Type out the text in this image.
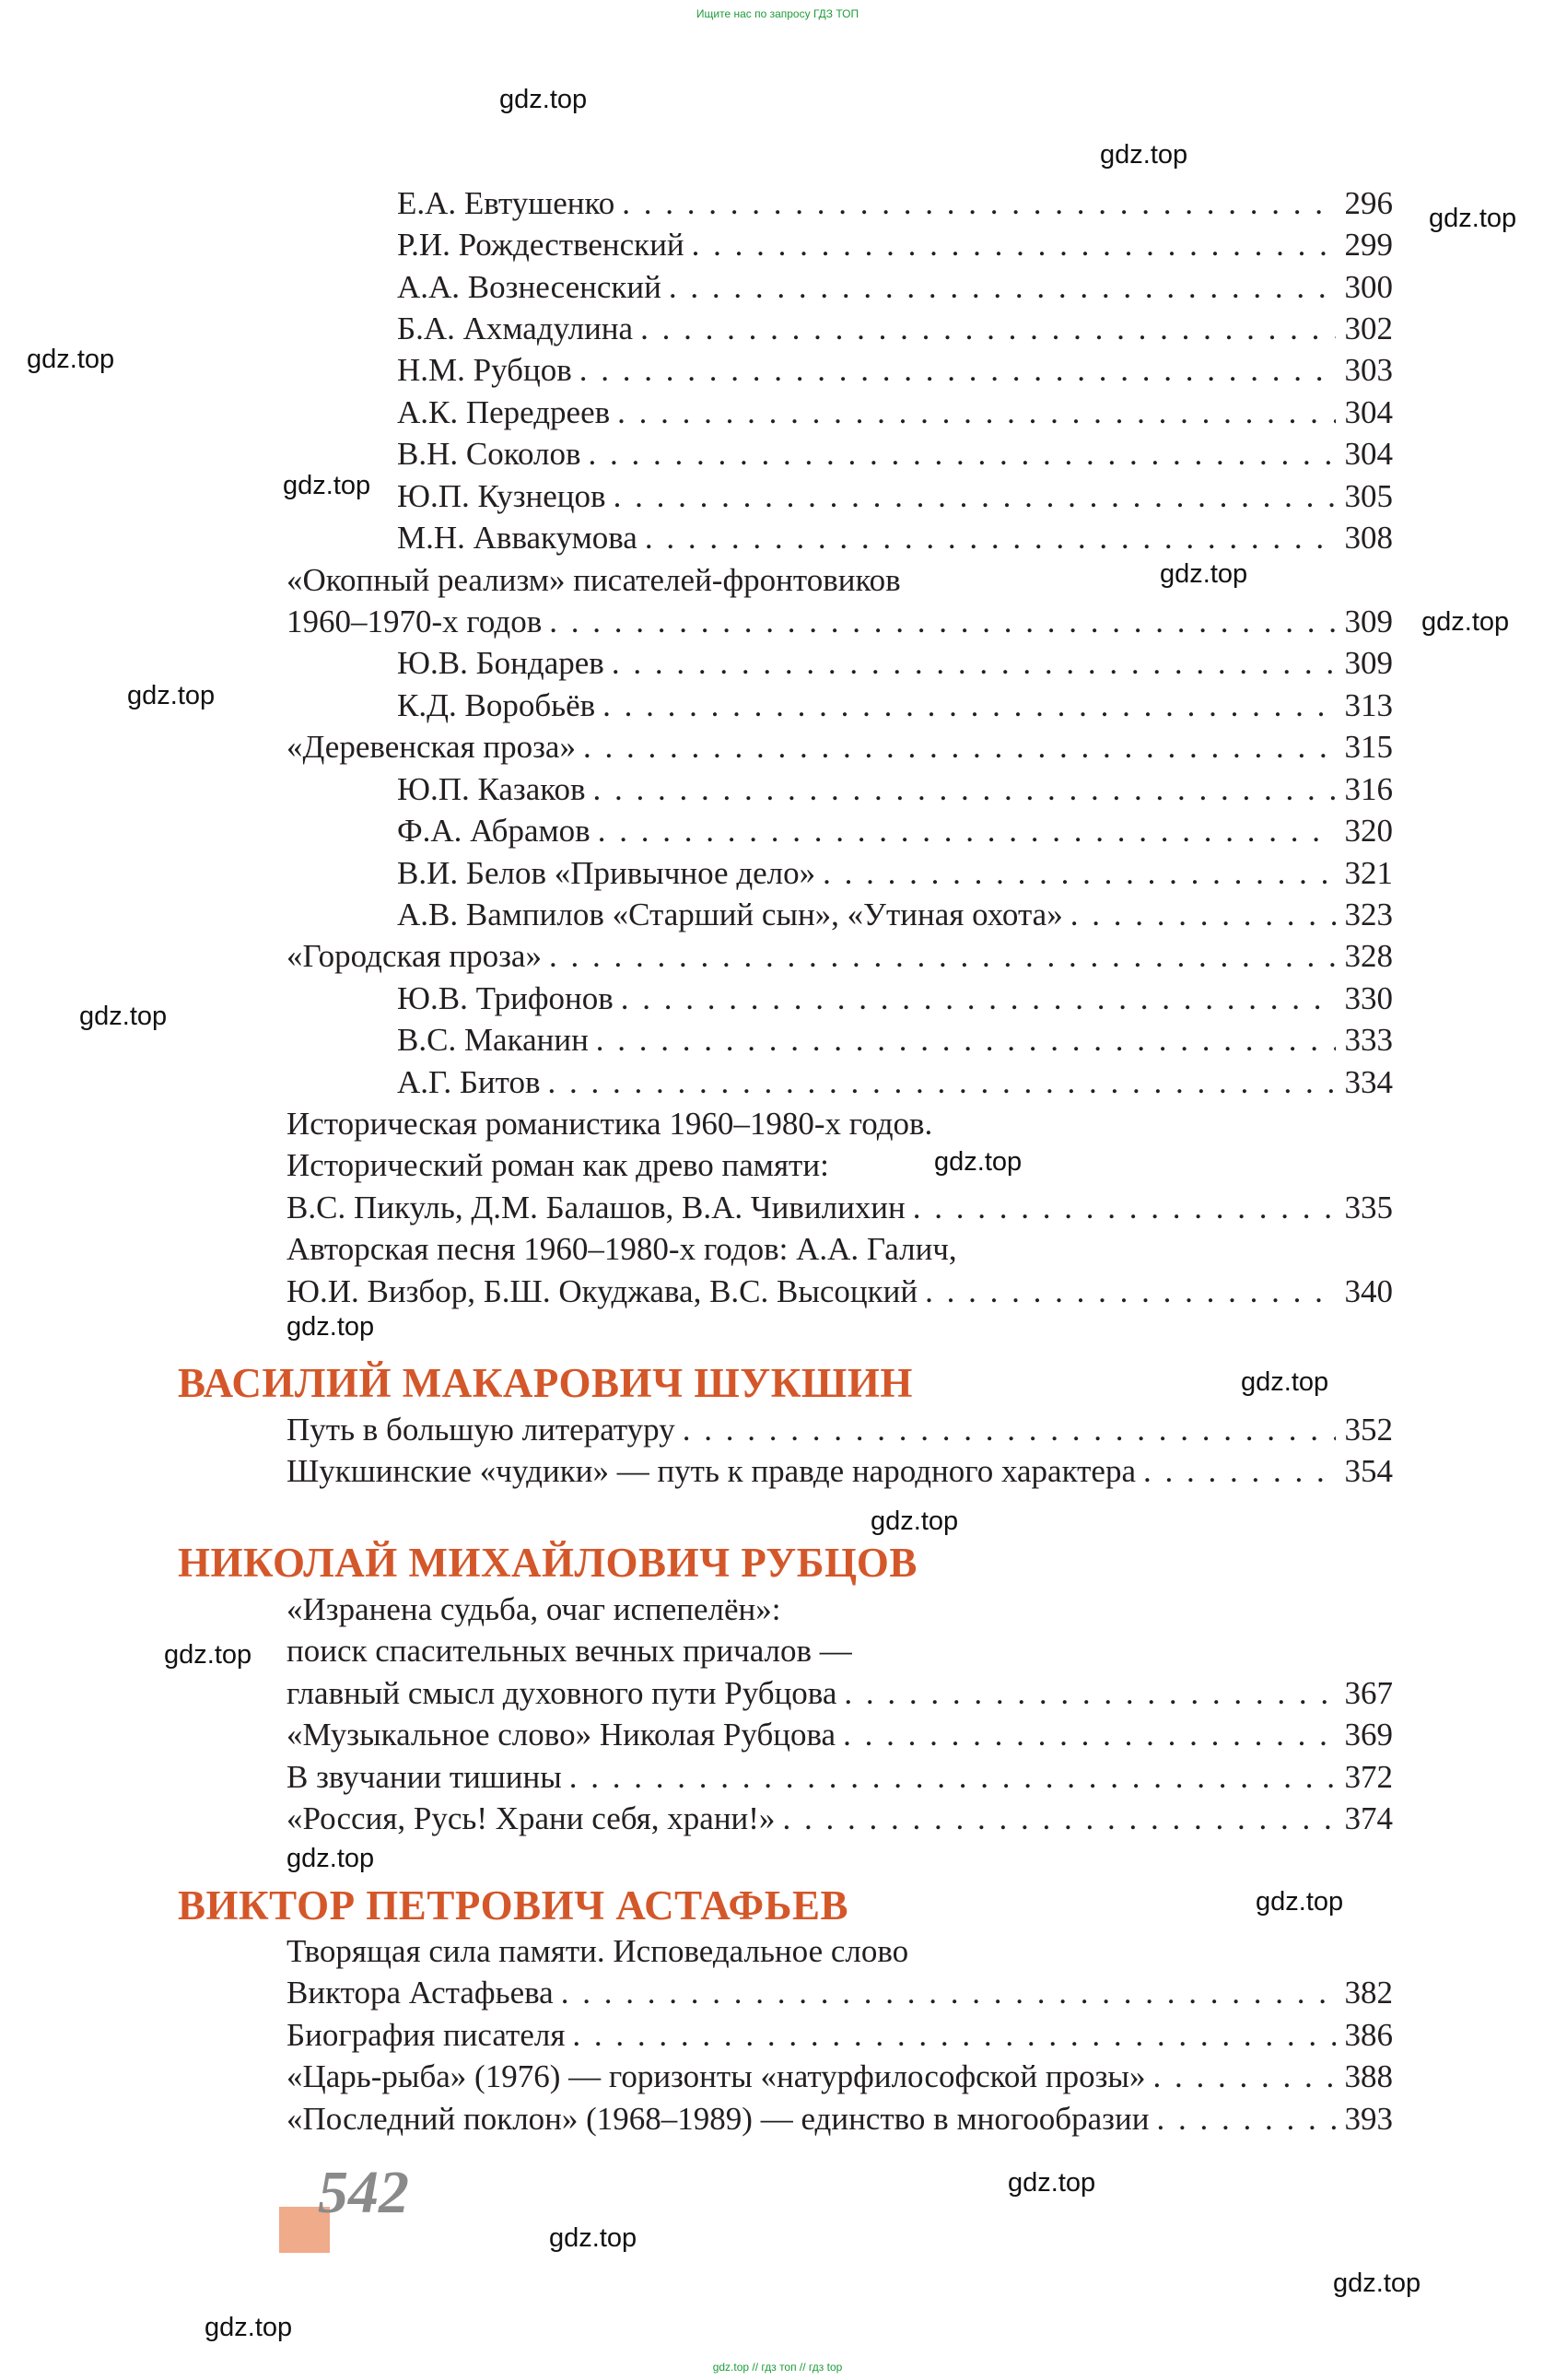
Ищите нас по запросу ГДЗ ТОП
Е.А. Евтушенко . . .	296
Р.И. Рождественский . . .	299
А.А. Вознесенский . . .	300
Б.А. Ахмадулина . . .	302
Н.М. Рубцов . . .	303
А.К. Передреев . . .	304
В.Н. Соколов . . .	304
Ю.П. Кузнецов . . .	305
М.Н. Аввакумова . . .	308
«Окопный реализм» писателей-фронтовиков
1960–1970-х годов . . .	309
Ю.В. Бондарев . . .	309
К.Д. Воробьёв . . .	313
«Деревенская проза» . . .	315
Ю.П. Казаков . . .	316
Ф.А. Абрамов . . .	320
В.И. Белов «Привычное дело» . . .	321
А.В. Вампилов «Старший сын», «Утиная охота» . . .	323
«Городская проза» . . .	328
Ю.В. Трифонов . . .	330
В.С. Маканин . . .	333
А.Г. Битов . . .	334
Историческая романистика 1960–1980-х годов.
Исторический роман как древо памяти:
В.С. Пикуль, Д.М. Балашов, В.А. Чивилихин . . .	335
Авторская песня 1960–1980-х годов: А.А. Галич,
Ю.И. Визбор, Б.Ш. Окуджава, В.С. Высоцкий . . .	340
ВАСИЛИЙ МАКАРОВИЧ ШУКШИН
Путь в большую литературу . . .	352
Шукшинские «чудики» — путь к правде народного характера . . .	354
НИКОЛАЙ МИХАЙЛОВИЧ РУБЦОВ
«Изранена судьба, очаг испепелён»:
поиск спасительных вечных причалов —
главный смысл духовного пути Рубцова . . .	367
«Музыкальное слово» Николая Рубцова . . .	369
В звучании тишины . . .	372
«Россия, Русь! Храни себя, храни!» . . .	374
ВИКТОР ПЕТРОВИЧ АСТАФЬЕВ
Творящая сила памяти. Исповедальное слово
Виктора Астафьева . . .	382
Биография писателя . . .	386
«Царь-рыба» (1976) — горизонты «натурфилософской прозы» . . .	388
«Последний поклон» (1968–1989) — единство в многообразии . . .	393
542
gdz.top
gdz.top
gdz.top
gdz.top
gdz.top
gdz.top
gdz.top
gdz.top
gdz.top
gdz.top
gdz.top
gdz.top
gdz.top
gdz.top
gdz.top
gdz.top
gdz.top
gdz.top
gdz.top
gdz.top
gdz.top // гдз топ // гдз top
